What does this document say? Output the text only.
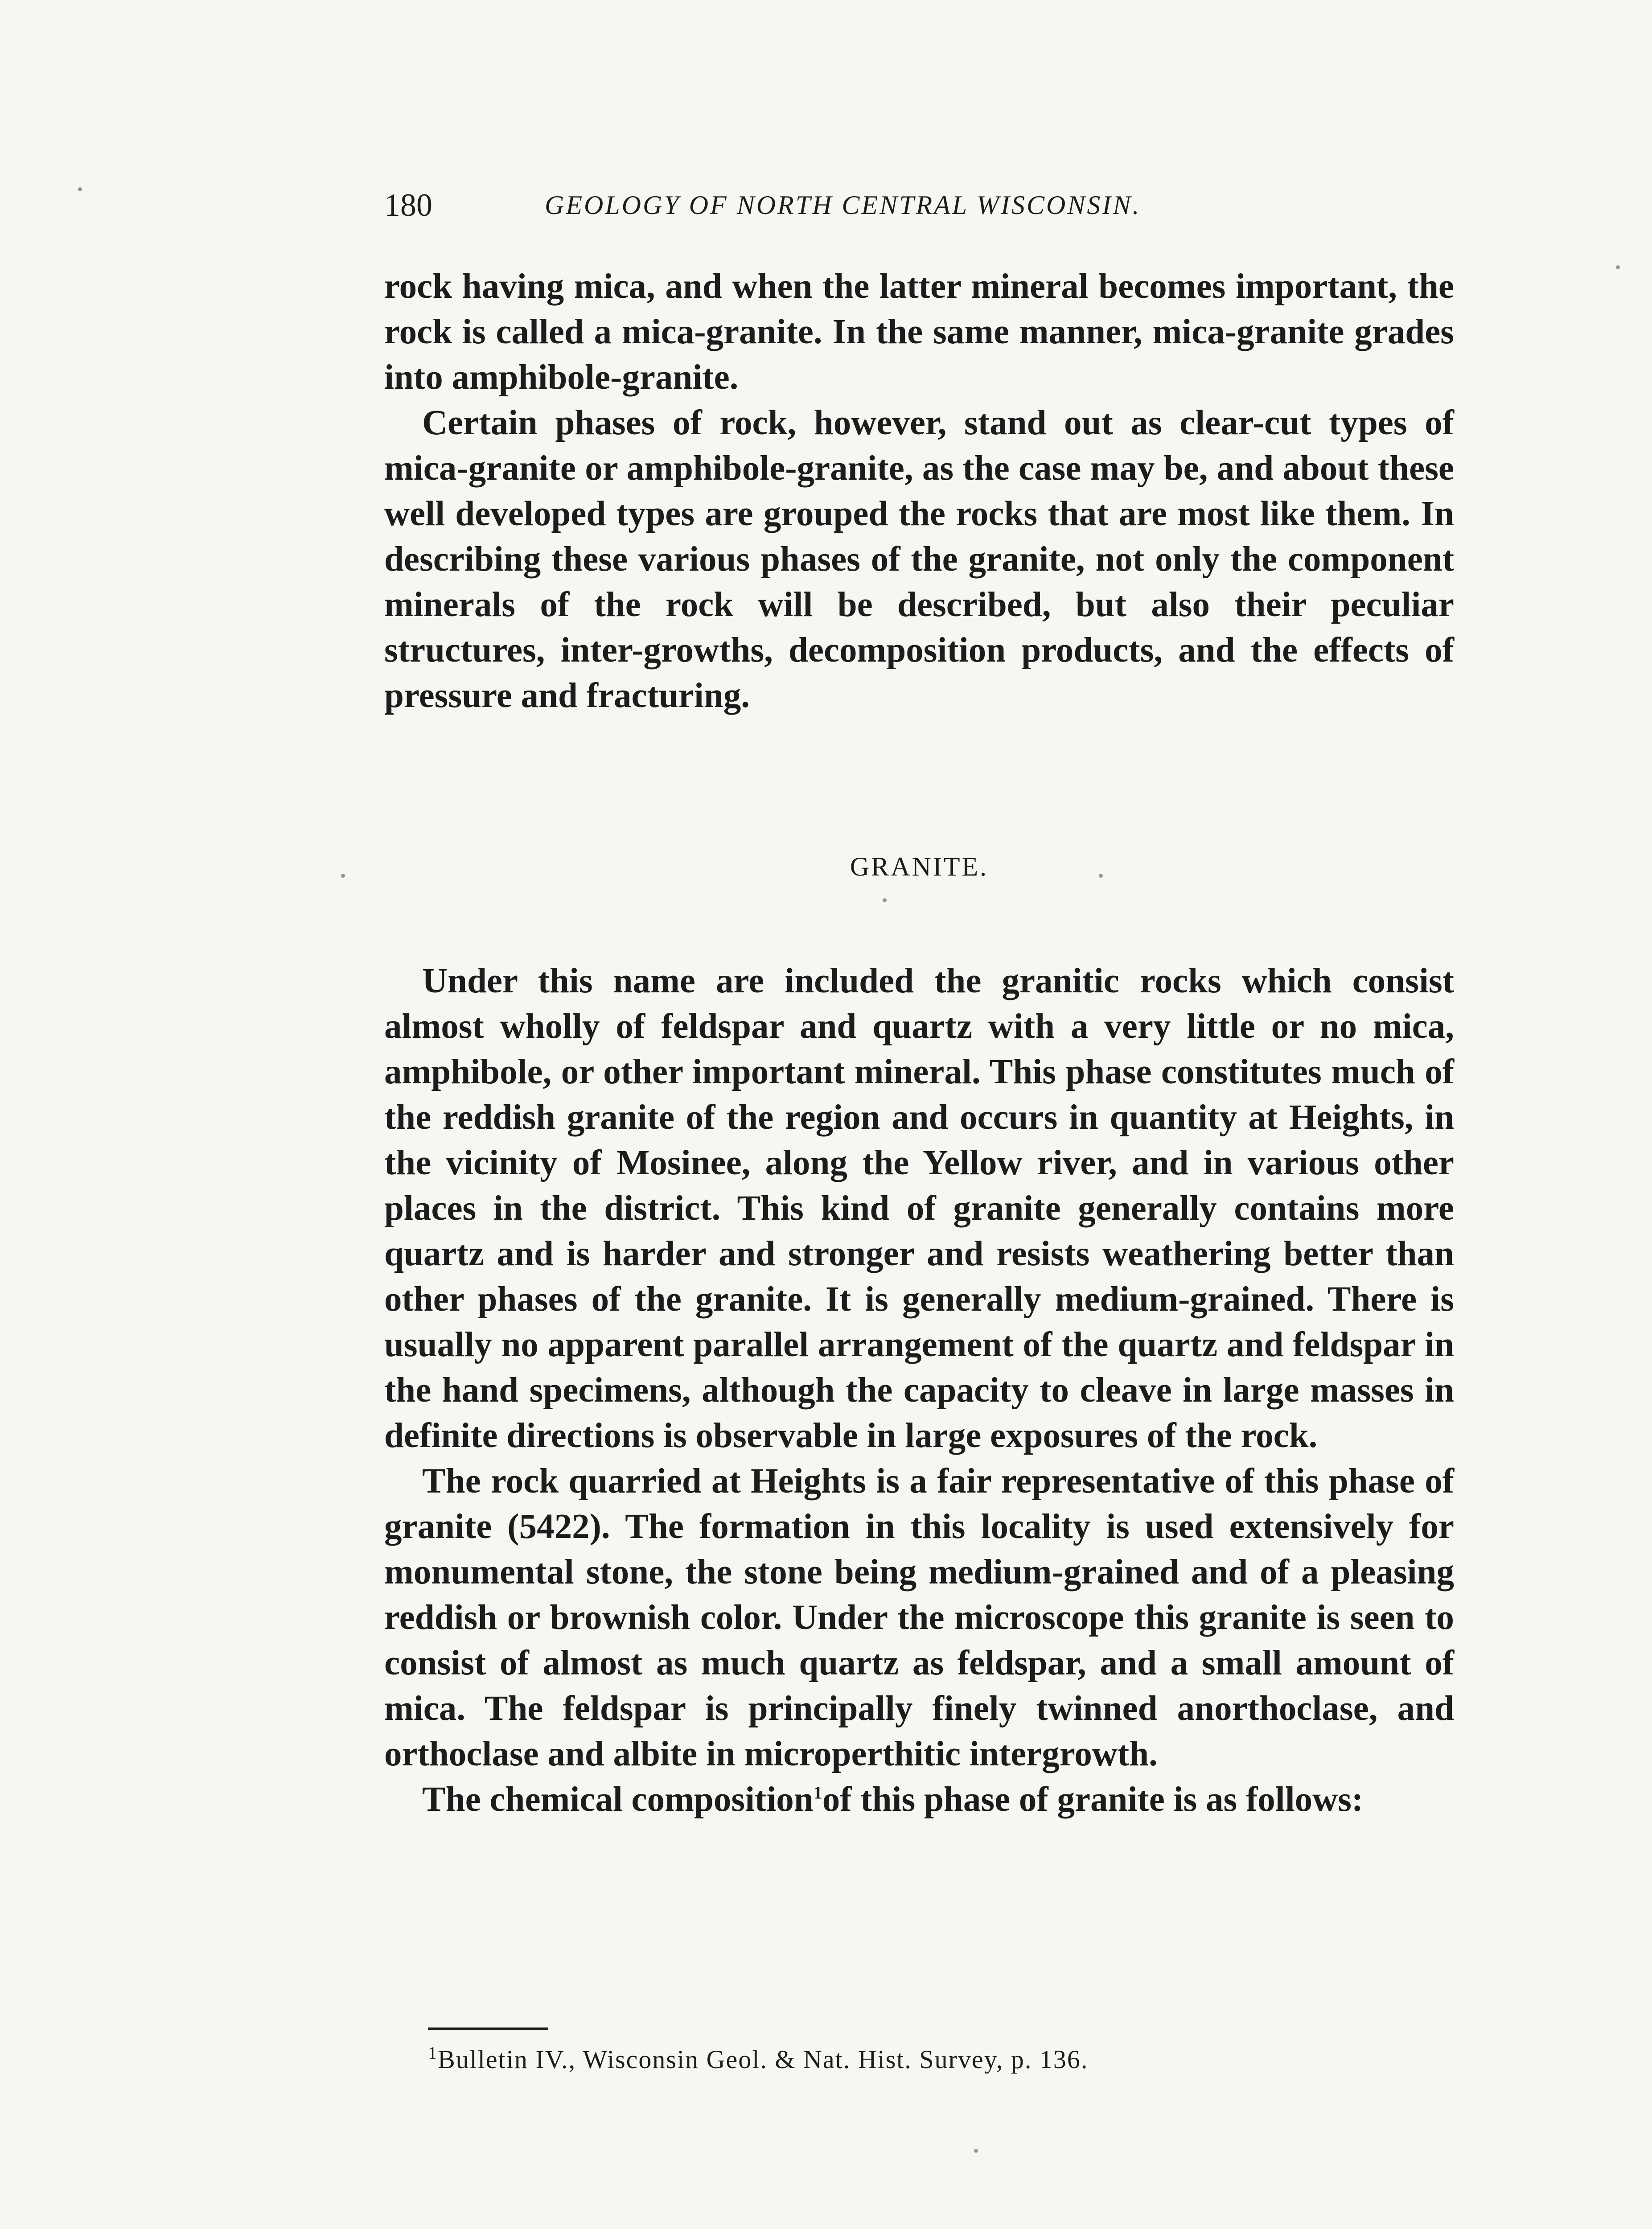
180	GEOLOGY OF NORTH CENTRAL WISCONSIN.

rock having mica, and when the latter mineral becomes important, the rock is called a mica-granite. In the same manner, mica-granite grades into amphibole-granite.

Certain phases of rock, however, stand out as clear-cut types of mica-granite or amphibole-granite, as the case may be, and about these well developed types are grouped the rocks that are most like them. In describing these various phases of the granite, not only the component minerals of the rock will be described, but also their peculiar structures, inter-growths, decomposition products, and the effects of pressure and fracturing.

GRANITE.

Under this name are included the granitic rocks which consist almost wholly of feldspar and quartz with a very little or no mica, amphibole, or other important mineral. This phase constitutes much of the reddish granite of the region and occurs in quantity at Heights, in the vicinity of Mosinee, along the Yellow river, and in various other places in the district. This kind of granite generally contains more quartz and is harder and stronger and resists weathering better than other phases of the granite. It is generally medium-grained. There is usually no apparent parallel arrangement of the quartz and feldspar in the hand specimens, although the capacity to cleave in large masses in definite directions is observable in large exposures of the rock.

The rock quarried at Heights is a fair representative of this phase of granite (5422). The formation in this locality is used extensively for monumental stone, the stone being medium-grained and of a pleasing reddish or brownish color. Under the microscope this granite is seen to consist of almost as much quartz as feldspar, and a small amount of mica. The feldspar is principally finely twinned anorthoclase, and orthoclase and albite in microperthitic intergrowth.

The chemical composition$^1$of this phase of granite is as follows:

$^1$Bulletin IV., Wisconsin Geol. & Nat. Hist. Survey, p. 136.
